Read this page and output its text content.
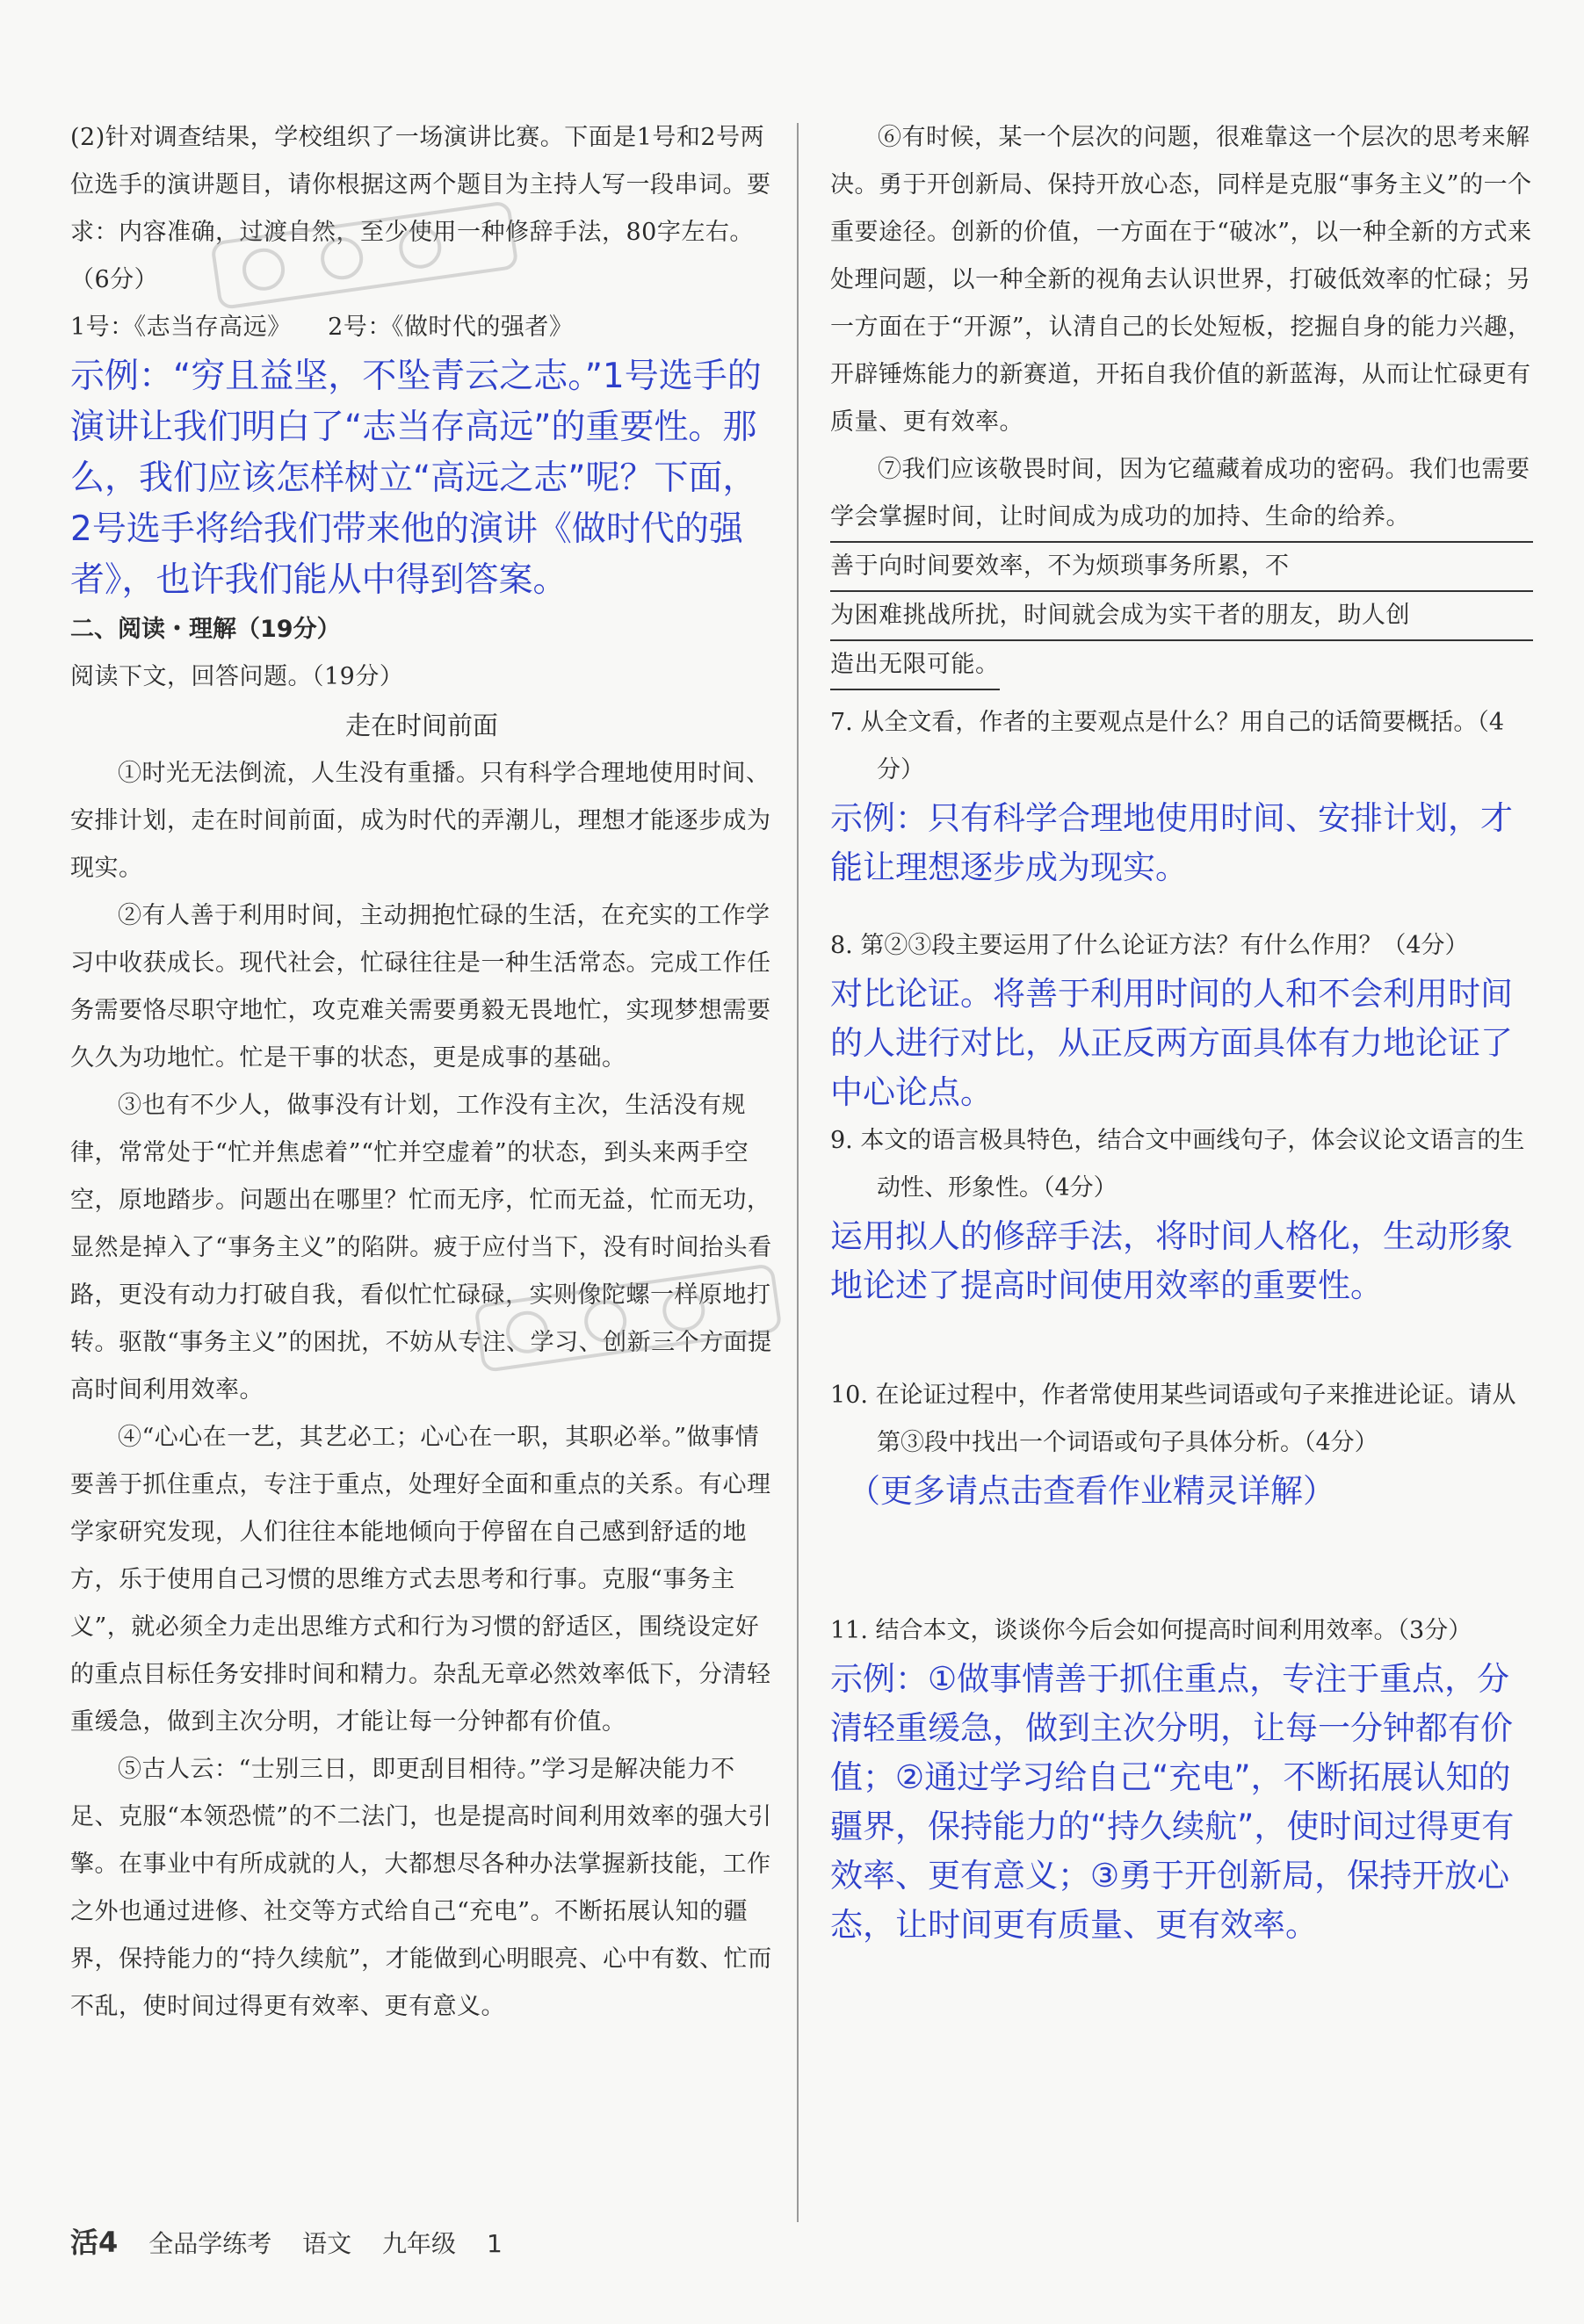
(2)针对调查结果，学校组织了一场演讲比赛。下面是1号和2号两位选手的演讲题目，请你根据这两个题目为主持人写一段串词。要求：内容准确，过渡自然，至少使用一种修辞手法，80字左右。（6分）

1号：《志当存高远》　　2号：《做时代的强者》

示例：“穷且益坚，不坠青云之志。”1号选手的演讲让我们明白了“志当存高远”的重要性。那么，我们应该怎样树立“高远之志”呢？下面，2号选手将给我们带来他的演讲《做时代的强者》，也许我们能从中得到答案。

二、阅读・理解（19分）

阅读下文，回答问题。（19分）

走在时间前面

①时光无法倒流，人生没有重播。只有科学合理地使用时间、安排计划，走在时间前面，成为时代的弄潮儿，理想才能逐步成为现实。

②有人善于利用时间，主动拥抱忙碌的生活，在充实的工作学习中收获成长。现代社会，忙碌往往是一种生活常态。完成工作任务需要恪尽职守地忙，攻克难关需要勇毅无畏地忙，实现梦想需要久久为功地忙。忙是干事的状态，更是成事的基础。

③也有不少人，做事没有计划，工作没有主次，生活没有规律，常常处于“忙并焦虑着”“忙并空虚着”的状态，到头来两手空空，原地踏步。问题出在哪里？忙而无序，忙而无益，忙而无功，显然是掉入了“事务主义”的陷阱。疲于应付当下，没有时间抬头看路，更没有动力打破自我，看似忙忙碌碌，实则像陀螺一样原地打转。驱散“事务主义”的困扰，不妨从专注、学习、创新三个方面提高时间利用效率。

④“心心在一艺，其艺必工；心心在一职，其职必举。”做事情要善于抓住重点，专注于重点，处理好全面和重点的关系。有心理学家研究发现，人们往往本能地倾向于停留在自己感到舒适的地方，乐于使用自己习惯的思维方式去思考和行事。克服“事务主义”，就必须全力走出思维方式和行为习惯的舒适区，围绕设定好的重点目标任务安排时间和精力。杂乱无章必然效率低下，分清轻重缓急，做到主次分明，才能让每一分钟都有价值。

⑤古人云：“士别三日，即更刮目相待。”学习是解决能力不足、克服“本领恐慌”的不二法门，也是提高时间利用效率的强大引擎。在事业中有所成就的人，大都想尽各种办法掌握新技能，工作之外也通过进修、社交等方式给自己“充电”。不断拓展认知的疆界，保持能力的“持久续航”，才能做到心明眼亮、心中有数、忙而不乱，使时间过得更有效率、更有意义。

⑥有时候，某一个层次的问题，很难靠这一个层次的思考来解决。勇于开创新局、保持开放心态，同样是克服“事务主义”的一个重要途径。创新的价值，一方面在于“破冰”，以一种全新的方式来处理问题，以一种全新的视角去认识世界，打破低效率的忙碌；另一方面在于“开源”，认清自己的长处短板，挖掘自身的能力兴趣，开辟锤炼能力的新赛道，开拓自我价值的新蓝海，从而让忙碌更有质量、更有效率。

⑦我们应该敬畏时间，因为它蕴藏着成功的密码。我们也需要学会掌握时间，让时间成为成功的加持、生命的给养。

善于向时间要效率，不为烦琐事务所累，不

为困难挑战所扰，时间就会成为实干者的朋友，助人创

造出无限可能。

7. 从全文看，作者的主要观点是什么？用自己的话简要概括。（4分）

示例：只有科学合理地使用时间、安排计划，才能让理想逐步成为现实。

8. 第②③段主要运用了什么论证方法？有什么作用？（4分）

对比论证。将善于利用时间的人和不会利用时间的人进行对比，从正反两方面具体有力地论证了中心论点。

9. 本文的语言极具特色，结合文中画线句子，体会议论文语言的生动性、形象性。（4分）

运用拟人的修辞手法，将时间人格化，生动形象地论述了提高时间使用效率的重要性。

10. 在论证过程中，作者常使用某些词语或句子来推进论证。请从第③段中找出一个词语或句子具体分析。（4分）

（更多请点击查看作业精灵详解）

11. 结合本文，谈谈你今后会如何提高时间利用效率。（3分）

示例：①做事情善于抓住重点，专注于重点，分清轻重缓急，做到主次分明，让每一分钟都有价值；②通过学习给自己“充电”，不断拓展认知的疆界，保持能力的“持久续航”，使时间过得更有效率、更有意义；③勇于开创新局，保持开放心态，让时间更有质量、更有效率。

活4 全品学练考 语文 九年级 1
